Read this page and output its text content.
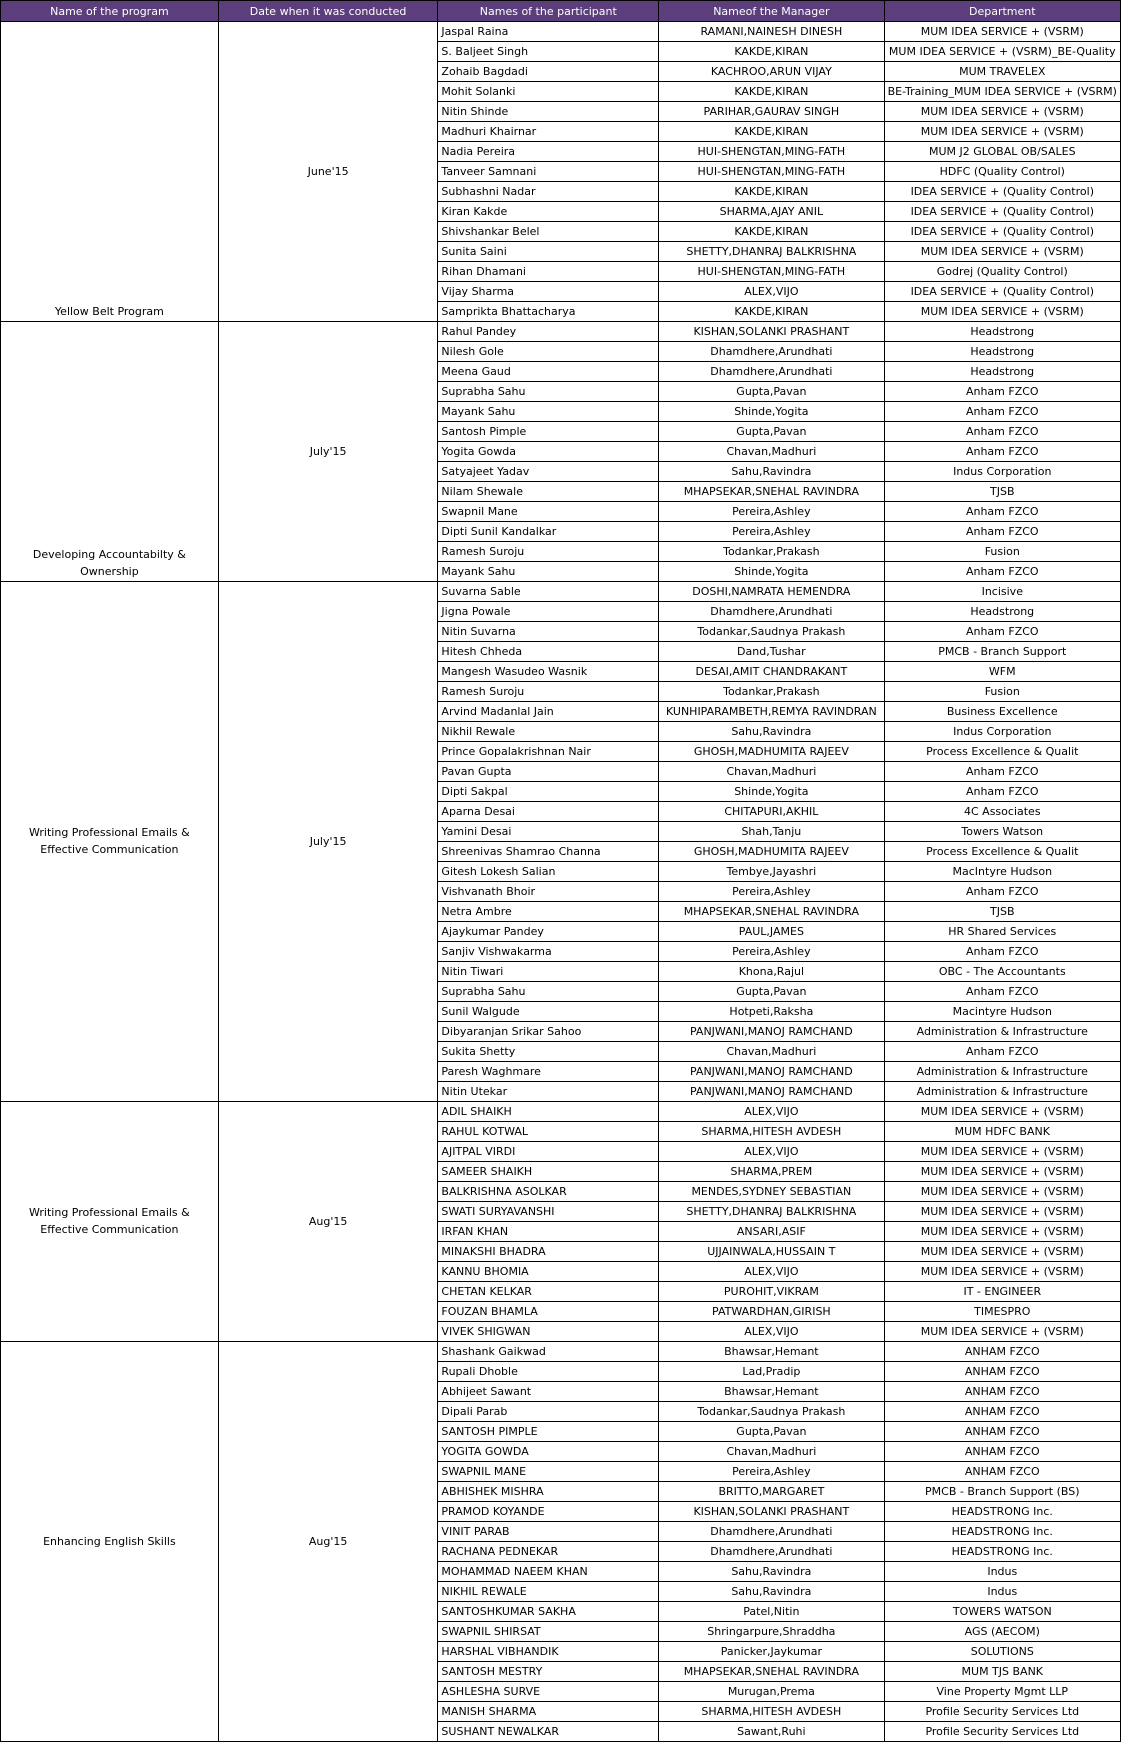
Name of the program	Date when it was conducted	Names of the participant	Nameof the Manager	Department
Yellow Belt Program	June'15	Jaspal Raina	RAMANI,NAINESH DINESH	MUM IDEA SERVICE + (VSRM)
		S. Baljeet Singh	KAKDE,KIRAN	MUM IDEA SERVICE + (VSRM)_BE-Quality
		Zohaib Bagdadi	KACHROO,ARUN VIJAY	MUM TRAVELEX
		Mohit Solanki	KAKDE,KIRAN	BE-Training_MUM IDEA SERVICE + (VSRM)
		Nitin Shinde	PARIHAR,GAURAV SINGH	MUM IDEA SERVICE + (VSRM)
		Madhuri Khairnar	KAKDE,KIRAN	MUM IDEA SERVICE + (VSRM)
		Nadia Pereira	HUI-SHENGTAN,MING-FATH	MUM J2 GLOBAL OB/SALES
		Tanveer Samnani	HUI-SHENGTAN,MING-FATH	HDFC (Quality Control)
		Subhashni Nadar	KAKDE,KIRAN	IDEA SERVICE + (Quality Control)
		Kiran Kakde	SHARMA,AJAY ANIL	IDEA SERVICE + (Quality Control)
		Shivshankar Belel	KAKDE,KIRAN	IDEA SERVICE + (Quality Control)
		Sunita Saini	SHETTY,DHANRAJ BALKRISHNA	MUM IDEA SERVICE + (VSRM)
		Rihan Dhamani	HUI-SHENGTAN,MING-FATH	Godrej (Quality Control)
		Vijay Sharma	ALEX,VIJO	IDEA SERVICE + (Quality Control)
		Samprikta Bhattacharya	KAKDE,KIRAN	MUM IDEA SERVICE + (VSRM)
Developing Accountabilty & Ownership	July'15	Rahul Pandey	KISHAN,SOLANKI PRASHANT	Headstrong
		Nilesh Gole	Dhamdhere,Arundhati	Headstrong
		Meena Gaud	Dhamdhere,Arundhati	Headstrong
		Suprabha Sahu	Gupta,Pavan	Anham FZCO
		Mayank Sahu	Shinde,Yogita	Anham FZCO
		Santosh Pimple	Gupta,Pavan	Anham FZCO
		Yogita Gowda	Chavan,Madhuri	Anham FZCO
		Satyajeet Yadav	Sahu,Ravindra	Indus Corporation
		Nilam Shewale	MHAPSEKAR,SNEHAL RAVINDRA	TJSB
		Swapnil Mane	Pereira,Ashley	Anham FZCO
		Dipti Sunil Kandalkar	Pereira,Ashley	Anham FZCO
		Ramesh Suroju	Todankar,Prakash	Fusion
		Mayank Sahu	Shinde,Yogita	Anham FZCO
Writing Professional Emails & Effective Communication	July'15	Suvarna Sable	DOSHI,NAMRATA HEMENDRA	Incisive
		Jigna Powale	Dhamdhere,Arundhati	Headstrong
		Nitin Suvarna	Todankar,Saudnya Prakash	Anham FZCO
		Hitesh Chheda	Dand,Tushar	PMCB - Branch Support
		Mangesh Wasudeo Wasnik	DESAI,AMIT CHANDRAKANT	WFM
		Ramesh Suroju	Todankar,Prakash	Fusion
		Arvind Madanlal Jain	KUNHIPARAMBETH,REMYA RAVINDRAN	Business Excellence
		Nikhil Rewale	Sahu,Ravindra	Indus Corporation
		Prince Gopalakrishnan Nair	GHOSH,MADHUMITA RAJEEV	Process Excellence & Qualit
		Pavan Gupta	Chavan,Madhuri	Anham FZCO
		Dipti Sakpal	Shinde,Yogita	Anham FZCO
		Aparna Desai	CHITAPURI,AKHIL	4C Associates
		Yamini Desai	Shah,Tanju	Towers Watson
		Shreenivas Shamrao Channa	GHOSH,MADHUMITA RAJEEV	Process Excellence & Qualit
		Gitesh Lokesh Salian	Tembye,Jayashri	MacIntyre Hudson
		Vishvanath Bhoir	Pereira,Ashley	Anham FZCO
		Netra Ambre	MHAPSEKAR,SNEHAL RAVINDRA	TJSB
		Ajaykumar Pandey	PAUL,JAMES	HR Shared Services
		Sanjiv Vishwakarma	Pereira,Ashley	Anham FZCO
		Nitin Tiwari	Khona,Rajul	OBC - The Accountants
		Suprabha Sahu	Gupta,Pavan	Anham FZCO
		Sunil Walgude	Hotpeti,Raksha	Macintyre Hudson
		Dibyaranjan Srikar Sahoo	PANJWANI,MANOJ RAMCHAND	Administration & Infrastructure
		Sukita Shetty	Chavan,Madhuri	Anham FZCO
		Paresh Waghmare	PANJWANI,MANOJ RAMCHAND	Administration & Infrastructure
		Nitin Utekar	PANJWANI,MANOJ RAMCHAND	Administration & Infrastructure
Writing Professional Emails & Effective Communication	Aug'15	ADIL SHAIKH	ALEX,VIJO	MUM IDEA SERVICE + (VSRM)
		RAHUL KOTWAL	SHARMA,HITESH AVDESH	MUM HDFC BANK
		AJITPAL VIRDI	ALEX,VIJO	MUM IDEA SERVICE + (VSRM)
		SAMEER SHAIKH	SHARMA,PREM	MUM IDEA SERVICE + (VSRM)
		BALKRISHNA ASOLKAR	MENDES,SYDNEY SEBASTIAN	MUM IDEA SERVICE + (VSRM)
		SWATI SURYAVANSHI	SHETTY,DHANRAJ BALKRISHNA	MUM IDEA SERVICE + (VSRM)
		IRFAN KHAN	ANSARI,ASIF	MUM IDEA SERVICE + (VSRM)
		MINAKSHI BHADRA	UJJAINWALA,HUSSAIN T	MUM IDEA SERVICE + (VSRM)
		KANNU BHOMIA	ALEX,VIJO	MUM IDEA SERVICE + (VSRM)
		CHETAN KELKAR	PUROHIT,VIKRAM	IT - ENGINEER
		FOUZAN BHAMLA	PATWARDHAN,GIRISH	TIMESPRO
		VIVEK SHIGWAN	ALEX,VIJO	MUM IDEA SERVICE + (VSRM)
Enhancing English Skills	Aug'15	Shashank Gaikwad	Bhawsar,Hemant	ANHAM FZCO
		Rupali Dhoble	Lad,Pradip	ANHAM FZCO
		Abhijeet Sawant	Bhawsar,Hemant	ANHAM FZCO
		Dipali Parab	Todankar,Saudnya Prakash	ANHAM FZCO
		SANTOSH PIMPLE	Gupta,Pavan	ANHAM FZCO
		YOGITA GOWDA	Chavan,Madhuri	ANHAM FZCO
		SWAPNIL MANE	Pereira,Ashley	ANHAM FZCO
		ABHISHEK MISHRA	BRITTO,MARGARET	PMCB - Branch Support (BS)
		PRAMOD KOYANDE	KISHAN,SOLANKI PRASHANT	HEADSTRONG Inc.
		VINIT PARAB	Dhamdhere,Arundhati	HEADSTRONG Inc.
		RACHANA PEDNEKAR	Dhamdhere,Arundhati	HEADSTRONG Inc.
		MOHAMMAD NAEEM KHAN	Sahu,Ravindra	Indus
		NIKHIL REWALE	Sahu,Ravindra	Indus
		SANTOSHKUMAR SAKHA	Patel,Nitin	TOWERS WATSON
		SWAPNIL SHIRSAT	Shringarpure,Shraddha	AGS (AECOM)
		HARSHAL VIBHANDIK	Panicker,Jaykumar	SOLUTIONS
		SANTOSH MESTRY	MHAPSEKAR,SNEHAL RAVINDRA	MUM TJS BANK
		ASHLESHA SURVE	Murugan,Prema	Vine Property Mgmt LLP
		MANISH SHARMA	SHARMA,HITESH AVDESH	Profile Security Services Ltd
		SUSHANT NEWALKAR	Sawant,Ruhi	Profile Security Services Ltd
